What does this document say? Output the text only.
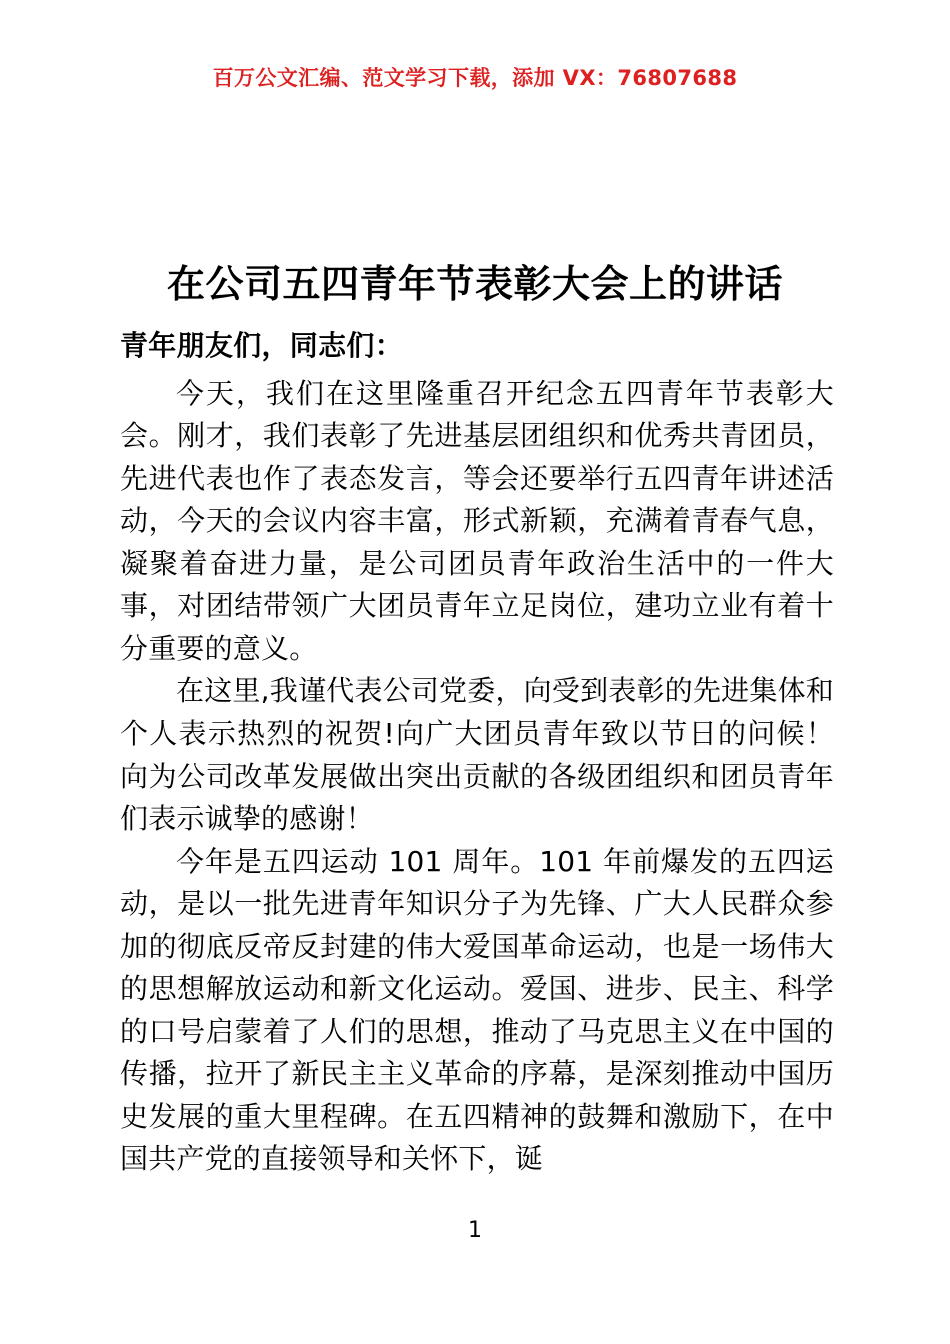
百万公文汇编、范文学习下载，添加 VX：76807688
在公司五四青年节表彰大会上的讲话

青年朋友们，同志们：

今天，我们在这里隆重召开纪念五四青年节表彰大会。刚才，我们表彰了先进基层团组织和优秀共青团员，先进代表也作了表态发言，等会还要举行五四青年讲述活动，今天的会议内容丰富，形式新颖，充满着青春气息，凝聚着奋进力量，是公司团员青年政治生活中的一件大事，对团结带领广大团员青年立足岗位，建功立业有着十分重要的意义。

在这里,我谨代表公司党委，向受到表彰的先进集体和个人表示热烈的祝贺!向广大团员青年致以节日的问候！向为公司改革发展做出突出贡献的各级团组织和团员青年们表示诚挚的感谢！

今年是五四运动 101 周年。101 年前爆发的五四运动，是以一批先进青年知识分子为先锋、广大人民群众参加的彻底反帝反封建的伟大爱国革命运动，也是一场伟大的思想解放运动和新文化运动。爱国、进步、民主、科学的口号启蒙着了人们的思想，推动了马克思主义在中国的传播，拉开了新民主主义革命的序幕，是深刻推动中国历史发展的重大里程碑。在五四精神的鼓舞和激励下，在中国共产党的直接领导和关怀下，诞

1
